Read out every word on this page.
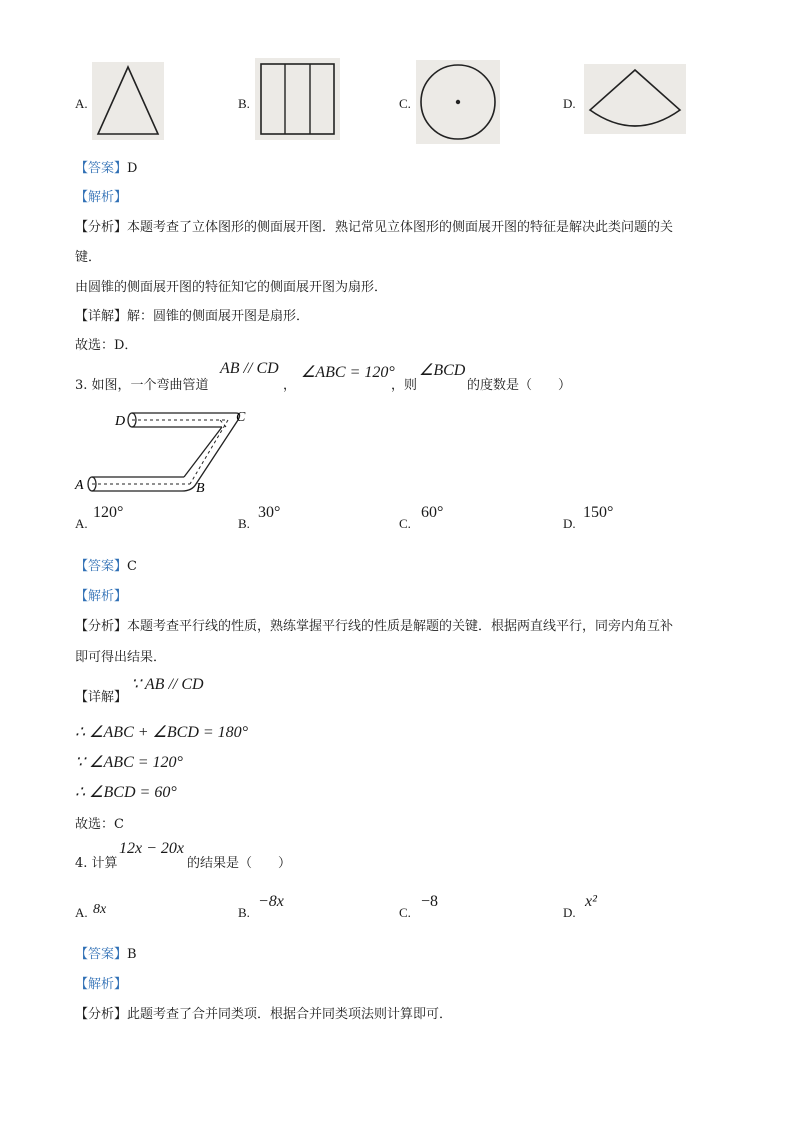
A.	B.	C.	D.
【答案】D
【解析】
【分析】本题考查了立体图形的侧面展开图．熟记常见立体图形的侧面展开图的特征是解决此类问题的关
键．
由圆锥的侧面展开图的特征知它的侧面展开图为扇形．
【详解】解：圆锥的侧面展开图是扇形．
故选：D．
3. 如图，一个弯曲管道
AB // CD
，
∠ABC = 120°
，则
∠BCD
的度数是（　　）
D	C
A	B
A.
120°
B.
30°
C.
60°
D.
150°
【答案】C
【解析】
【分析】本题考查平行线的性质，熟练掌握平行线的性质是解题的关键．根据两直线平行，同旁内角互补
即可得出结果．
【详解】
∵ AB // CD
∴ ∠ABC + ∠BCD = 180°
∵ ∠ABC = 120°
∴ ∠BCD = 60°
故选：C
4. 计算
12x − 20x
的结果是（　　）
A. 8x	B.
−8x
C.
−8
D.
x²
【答案】B
【解析】
【分析】此题考查了合并同类项．根据合并同类项法则计算即可．
